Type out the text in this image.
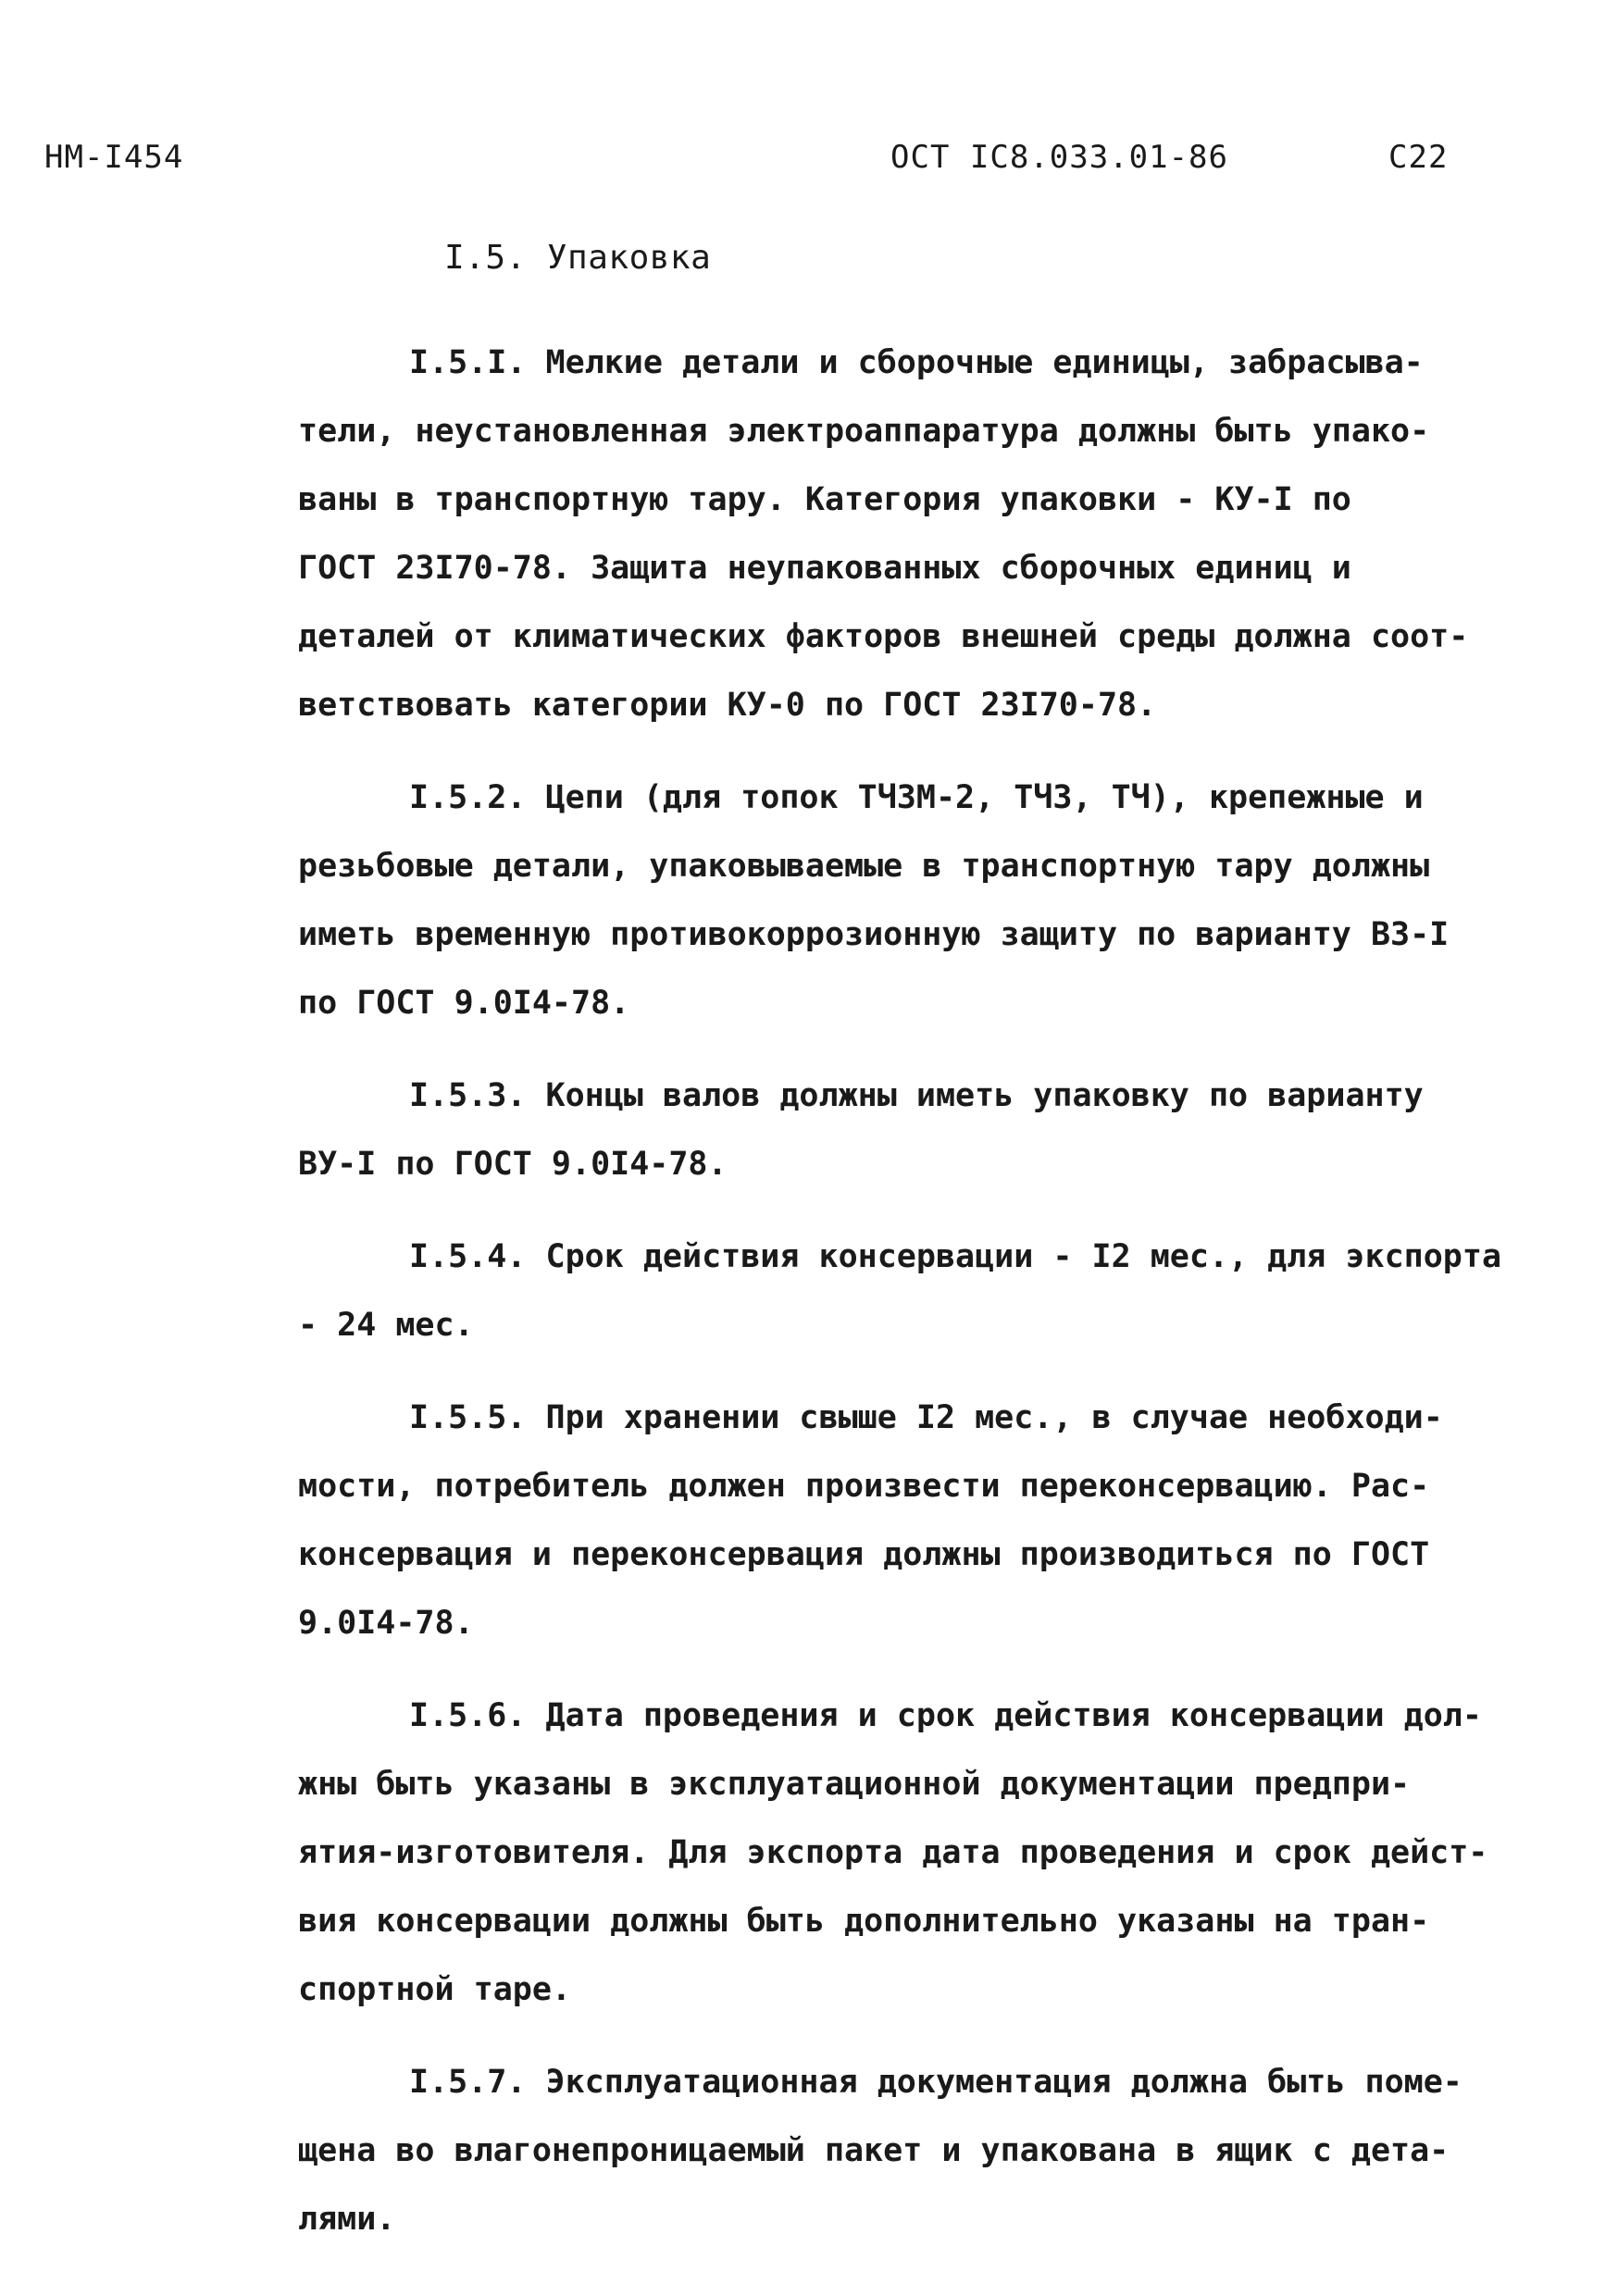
НМ-I454	ОСТ IC8.033.01-86	C22
I.5. Упаковка

I.5.I. Мелкие детали и сборочные единицы, забрасыва-
тели, неустановленная электроаппаратура должны быть упако-
ваны в транспортную тару. Категория упаковки - КУ-I по
ГОСТ 23I70-78. Защита неупакованных сборочных единиц и
деталей от климатических факторов внешней среды должна соот-
ветствовать категории КУ-0 по ГОСТ 23I70-78.

I.5.2. Цепи (для топок ТЧЗМ-2, ТЧЗ, ТЧ), крепежные и
резьбовые детали, упаковываемые в транспортную тару должны
иметь временную противокоррозионную защиту по варианту ВЗ-I
по ГОСТ 9.0I4-78.

I.5.3. Концы валов должны иметь упаковку по варианту
ВУ-I по ГОСТ 9.0I4-78.

I.5.4. Срок действия консервации - I2 мес., для экспорта
- 24 мес.

I.5.5. При хранении свыше I2 мес., в случае необходи-
мости, потребитель должен произвести переконсервацию. Рас-
консервация и переконсервация должны производиться по ГОСТ
9.0I4-78.

I.5.6. Дата проведения и срок действия консервации дол-
жны быть указаны в эксплуатационной документации предпри-
ятия-изготовителя. Для экспорта дата проведения и срок дейст-
вия консервации должны быть дополнительно указаны на тран-
спортной таре.

I.5.7. Эксплуатационная документация должна быть поме-
щена во влагонепроницаемый пакет и упакована в ящик с дета-
лями.
